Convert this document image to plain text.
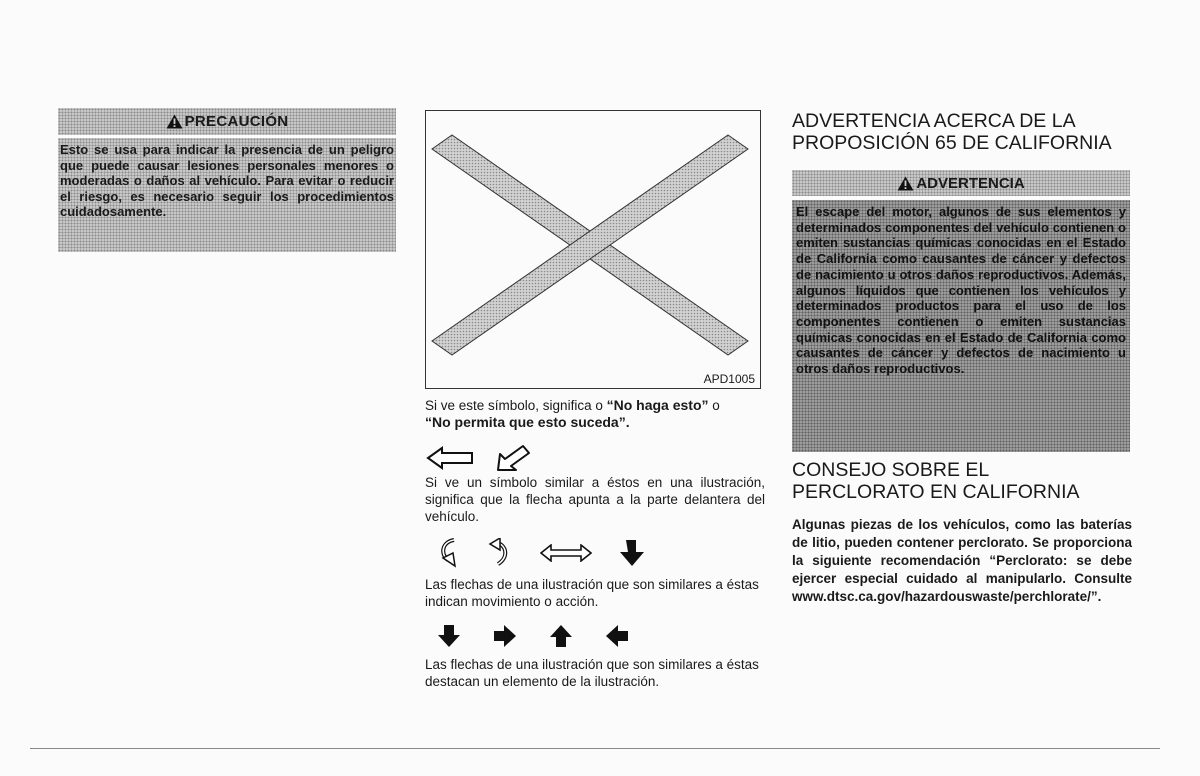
PRECAUCIÓN
Esto se usa para indicar la presencia de un peligro que puede causar lesiones personales menores o moderadas o daños al vehículo. Para evitar o reducir el riesgo, es necesario seguir los procedimientos cuidadosamente.
APD1005
Si ve este símbolo, significa o “No haga esto” o
“No permita que esto suceda”.
Si ve un símbolo similar a éstos en una ilustración, significa que la flecha apunta a la parte delantera del vehículo.
Las flechas de una ilustración que son similares a éstas indican movimiento o acción.
Las flechas de una ilustración que son similares a éstas destacan un elemento de la ilustración.
ADVERTENCIA ACERCA DE LA
PROPOSICIÓN 65 DE CALIFORNIA
ADVERTENCIA
El escape del motor, algunos de sus elementos y determinados componentes del vehículo contienen o emiten sustancias químicas conocidas en el Estado de California como causantes de cáncer y defectos de nacimiento u otros daños reproductivos. Además, algunos líquidos que contienen los vehículos y determinados productos para el uso de los componentes contienen o emiten sustancias químicas conocidas en el Estado de California como causantes de cáncer y defectos de nacimiento u otros daños reproductivos.
CONSEJO SOBRE EL
PERCLORATO EN CALIFORNIA
Algunas piezas de los vehículos, como las baterías de litio, pueden contener perclorato. Se proporciona la siguiente recomendación “Perclorato: se debe ejercer especial cuidado al manipularlo. Consulte www.dtsc.ca.gov/hazardouswaste/perchlorate/”.
